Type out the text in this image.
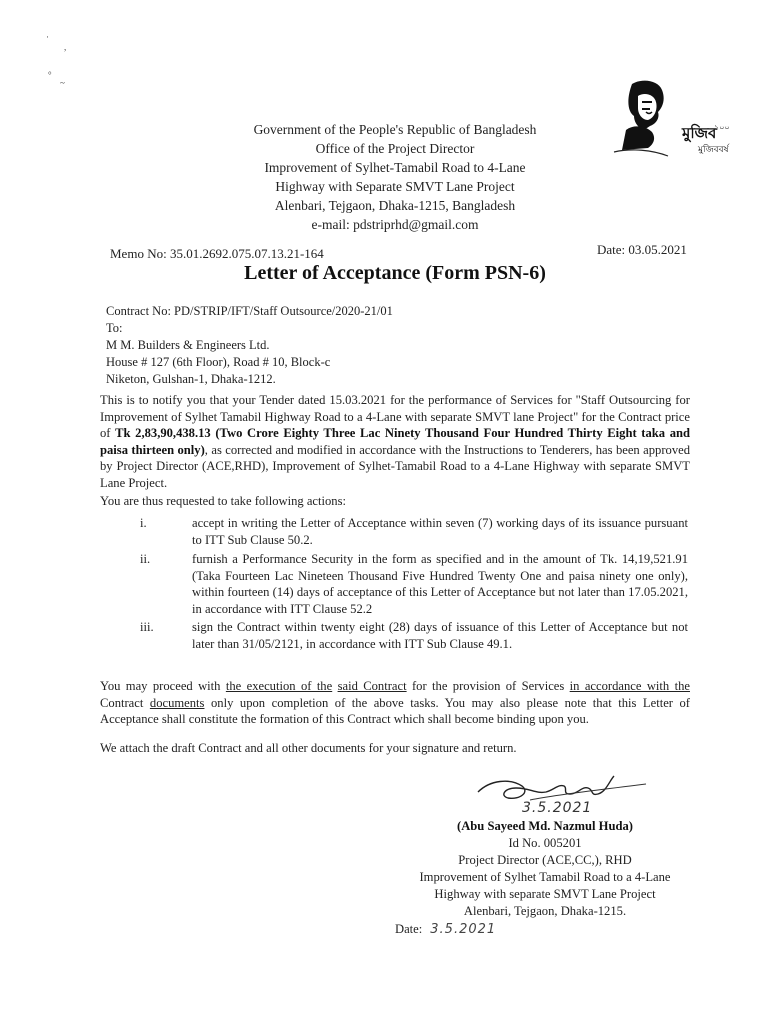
·
,
°
~
মুজিব
১০০
মুজিববর্ষ
Government of the People's Republic of Bangladesh
Office of the Project Director
Improvement of Sylhet-Tamabil Road to 4-Lane
Highway with Separate SMVT Lane Project
Alenbari, Tejgaon, Dhaka-1215, Bangladesh
e-mail: pdstriprhd@gmail.com
Memo No: 35.01.2692.075.07.13.21-164	Date: 03.05.2021
Letter of Acceptance (Form PSN-6)
Contract No: PD/STRIP/IFT/Staff Outsource/2020-21/01
To:
M M. Builders & Engineers Ltd.
House # 127 (6th Floor), Road # 10, Block-c
Niketon, Gulshan-1, Dhaka-1212.
This is to notify you that your Tender dated 15.03.2021 for the performance of Services for "Staff Outsourcing for Improvement of Sylhet Tamabil Highway Road to a 4-Lane with separate SMVT lane Project" for the Contract price of Tk 2,83,90,438.13 (Two Crore Eighty Three Lac Ninety Thousand Four Hundred Thirty Eight taka and paisa thirteen only), as corrected and modified in accordance with the Instructions to Tenderers, has been approved by Project Director (ACE,RHD), Improvement of Sylhet-Tamabil Road to a 4-Lane Highway with separate SMVT Lane Project.
You are thus requested to take following actions:
i.	accept in writing the Letter of Acceptance within seven (7) working days of its issuance pursuant to ITT Sub Clause 50.2.
ii.	furnish a Performance Security in the form as specified and in the amount of Tk. 14,19,521.91 (Taka Fourteen Lac Nineteen Thousand Five Hundred Twenty One and paisa ninety one only), within fourteen (14) days of acceptance of this Letter of Acceptance but not later than 17.05.2021, in accordance with ITT Clause 52.2
iii.	sign the Contract within twenty eight (28) days of issuance of this Letter of Acceptance but not later than 31/05/2121, in accordance with ITT Sub Clause 49.1.
You may proceed with the execution of the said Contract for the provision of Services in accordance with the Contract documents only upon completion of the above tasks. You may also please note that this Letter of Acceptance shall constitute the formation of this Contract which shall become binding upon you.
We attach the draft Contract and all other documents for your signature and return.
3.5.2021
(Abu Sayeed Md. Nazmul Huda)
Id No. 005201
Project Director (ACE,CC,), RHD
Improvement of Sylhet Tamabil Road to a 4-Lane
Highway with separate SMVT Lane Project
Alenbari, Tejgaon, Dhaka-1215.
Date: 3.5.2021
